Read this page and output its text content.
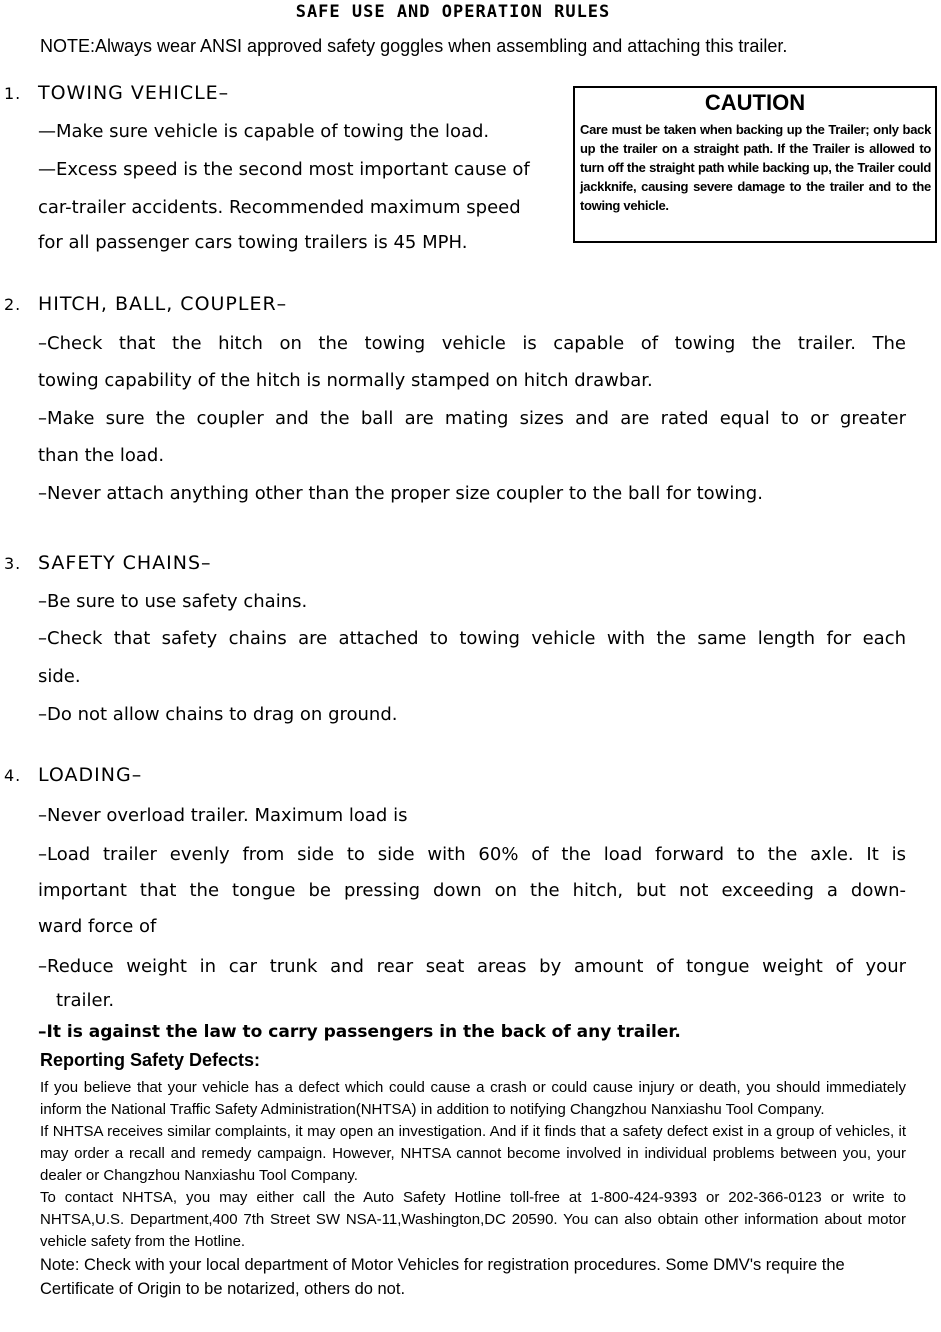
SAFE USE AND OPERATION RULES
NOTE:Always wear ANSI approved safety goggles when assembling and attaching this trailer.
1. TOWING VEHICLE–
—Make sure vehicle is capable of towing the load.
—Excess speed is the second most important cause of
car-trailer accidents. Recommended maximum speed
for all passenger cars towing trailers is 45 MPH.
CAUTION
Care must be taken when backing up the Trailer; only back up the trailer on a straight path. If the Trailer is allowed to turn off the straight path while backing up, the Trailer could jackknife, causing severe damage to the trailer and to the towing vehicle.
2. HITCH, BALL, COUPLER–
–Check that the hitch on the towing vehicle is capable of towing the trailer. The
towing capability of the hitch is normally stamped on hitch drawbar.
–Make sure the coupler and the ball are mating sizes and are rated equal to or greater
than the load.
–Never attach anything other than the proper size coupler to the ball for towing.
3. SAFETY CHAINS–
–Be sure to use safety chains.
–Check that safety chains are attached to towing vehicle with the same length for each
side.
–Do not allow chains to drag on ground.
4. LOADING–
–Never overload trailer. Maximum load is
–Load trailer evenly from side to side with 60% of the load forward to the axle. It is
important that the tongue be pressing down on the hitch, but not exceeding a down-
ward force of
–Reduce weight in car trunk and rear seat areas by amount of tongue weight of your
trailer.
–It is against the law to carry passengers in the back of any trailer.
Reporting Safety Defects:

If you believe that your vehicle has a defect which could cause a crash or could cause injury or death, you should immediately inform the National Traffic Safety Administration(NHTSA) in addition to notifying Changzhou Nanxiashu Tool Company.

If NHTSA receives similar complaints, it may open an investigation. And if it finds that a safety defect exist in a group of vehicles, it may order a recall and remedy campaign. However, NHTSA cannot become involved in individual problems between you, your dealer or Changzhou Nanxiashu Tool Company.

To contact NHTSA, you may either call the Auto Safety Hotline toll-free at 1-800-424-9393 or 202-366-0123 or write to NHTSA,U.S. Department,400 7th Street SW NSA-11,Washington,DC 20590. You can also obtain other information about motor vehicle safety from the Hotline.

Note: Check with your local department of Motor Vehicles for registration procedures. Some DMV's require the Certificate of Origin to be notarized, others do not.
